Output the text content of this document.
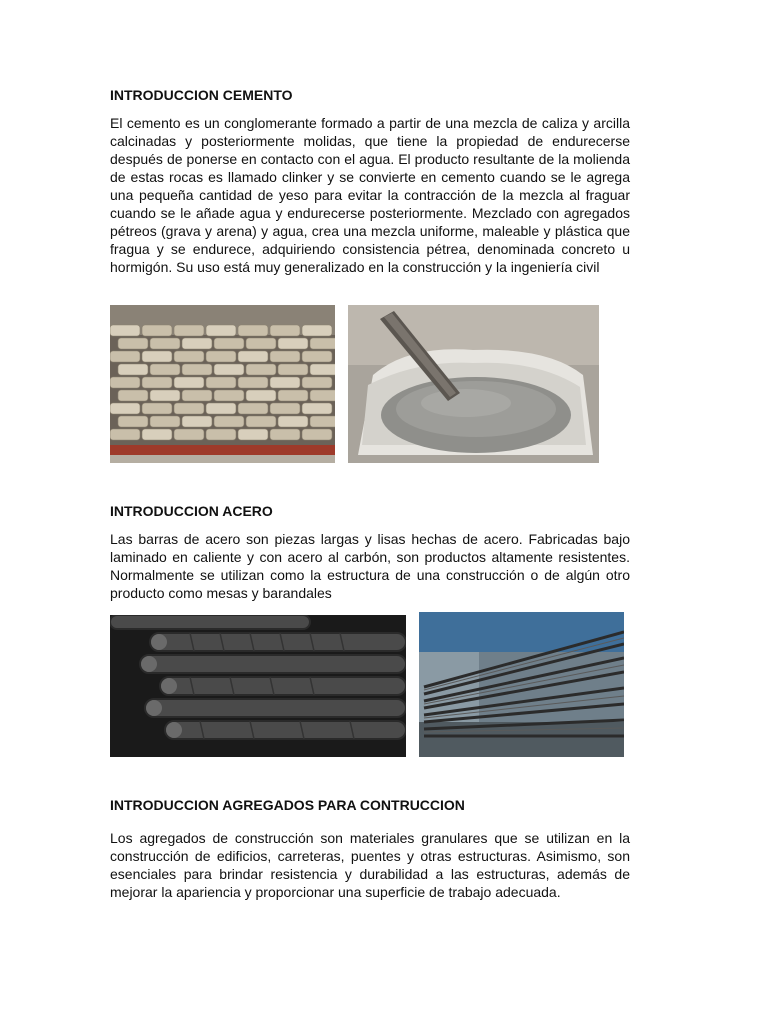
INTRODUCCION CEMENTO

El cemento es un conglomerante formado a partir de una mezcla de caliza y arcilla calcinadas y posteriormente molidas, que tiene la propiedad de endurecerse después de ponerse en contacto con el agua. El producto resultante de la molienda de estas rocas es llamado clinker y se convierte en cemento cuando se le agrega una pequeña cantidad de yeso para evitar la contracción de la mezcla al fraguar cuando se le añade agua y endurecerse posteriormente. Mezclado con agregados pétreos (grava y arena) y agua, crea una mezcla uniforme, maleable y plástica que fragua y se endurece, adquiriendo consistencia pétrea, denominada concreto u hormigón. Su uso está muy generalizado en la construcción y la ingeniería civil

INTRODUCCION ACERO

Las barras de acero son piezas largas y lisas hechas de acero. Fabricadas bajo laminado en caliente y con acero al carbón, son productos altamente resistentes. Normalmente se utilizan como la estructura de una construcción o de algún otro producto como mesas y barandales

INTRODUCCION AGREGADOS PARA CONTRUCCION

Los agregados de construcción son materiales granulares que se utilizan en la construcción de edificios, carreteras, puentes y otras estructuras. Asimismo, son esenciales para brindar resistencia y durabilidad a las estructuras, además de mejorar la apariencia y proporcionar una superficie de trabajo adecuada.
